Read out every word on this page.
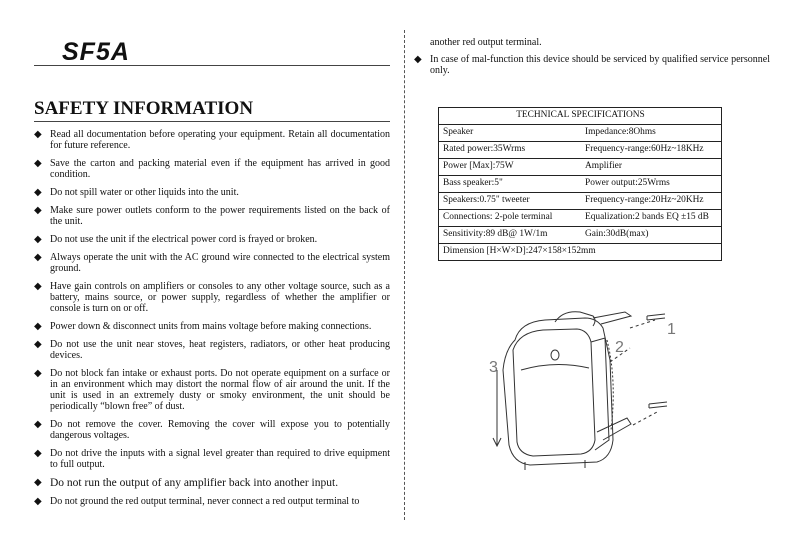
SF5A
SAFETY INFORMATION
◆ Read all documentation before operating your equipment. Retain all documentation for future reference.
◆ Save the carton and packing material even if the equipment has arrived in good condition.
◆ Do not spill water or other liquids into the unit.
◆ Make sure power outlets conform to the power requirements listed on the back of the unit.
◆ Do not use the unit if the electrical power cord is frayed or broken.
◆ Always operate the unit with the AC ground wire connected to the electrical system ground.
◆ Have gain controls on amplifiers or consoles to any other voltage source, such as a battery, mains source, or power supply, regardless of whether the amplifier or console is turn on or off.
◆ Power down & disconnect units from mains voltage before making connections.
◆ Do not use the unit near stoves, heat registers, radiators, or other heat producing devices.
◆ Do not block fan intake or exhaust ports. Do not operate equipment on a surface or in an environment which may distort the normal flow of air around the unit. If the unit is used in an extremely dusty or smoky environment, the unit should be periodically “blown free” of dust.
◆ Do not remove the cover. Removing the cover will expose you to potentially dangerous voltages.
◆ Do not drive the inputs with a signal level greater than required to drive equipment to full output.
◆ Do not run the output of any amplifier back into another input.
◆ Do not ground the red output terminal, never connect a red output terminal to
another red output terminal.
◆ In case of mal-function this device should be serviced by qualified service personnel only.
TECHNICAL SPECIFICATIONS	
Speaker	Impedance:8Ohms
Rated power:35Wrms	Frequency-range:60Hz~18KHz
Power [Max]:75W	Amplifier
Bass speaker:5"	Power output:25Wrms
Speakers:0.75" tweeter	Frequency-range:20Hz~20KHz
Connections: 2-pole terminal	Equalization:2 bands EQ ±15 dB
Sensitivity:89 dB@ 1W/1m	Gain:30dB(max)
Dimension [H×W×D]:247×158×152mm	
1
2
3
